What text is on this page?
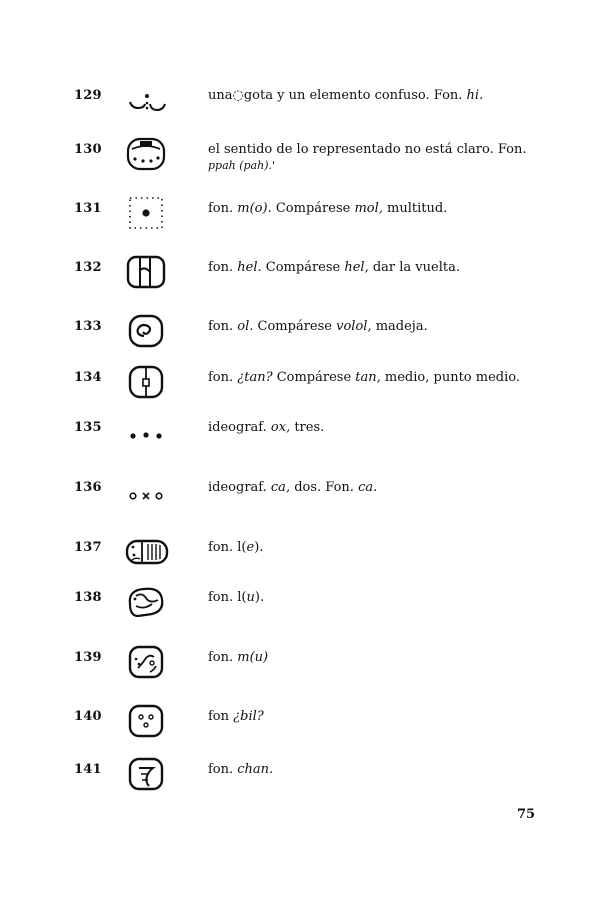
129	una◌gota y un elemento confuso. Fon. hi.
130	el sentido de lo representado no está claro. Fon.
ppah (pah).'
131	fon. m(o). Compárese mol, multitud.
132	fon. hel. Compárese hel, dar la vuelta.
133	fon. ol. Compárese volol, madeja.
134	fon. ¿tan? Compárese tan, medio, punto medio.
135	ideograf. ox, tres.
136	ideograf. ca, dos. Fon. ca.
137	fon. l(e).
138	fon. l(u).
139	fon. m(u)
140	fon ¿bil?
141	fon. chan.
75
